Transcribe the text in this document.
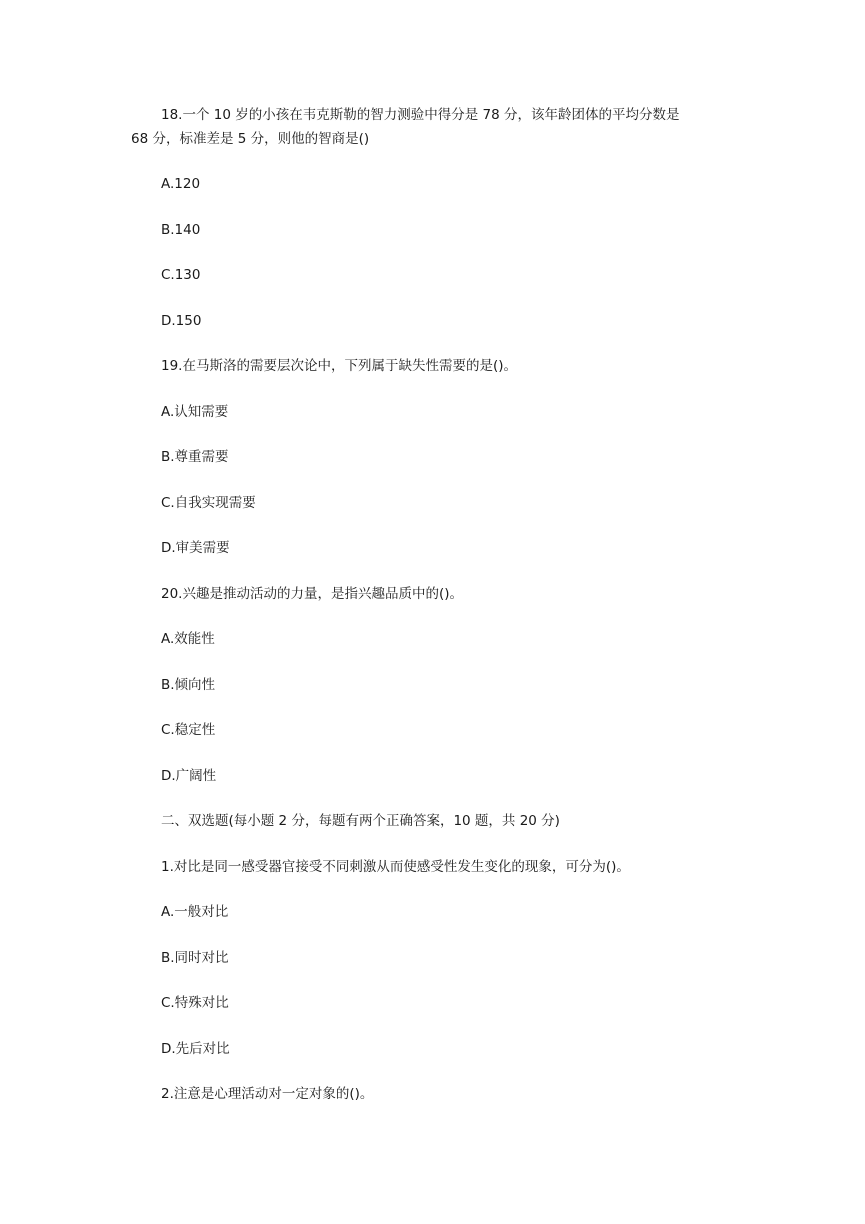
18.一个 10 岁的小孩在韦克斯勒的智力测验中得分是 78 分，该年龄团体的平均分数是
68 分，标准差是 5 分，则他的智商是()
A.120
B.140
C.130
D.150
19.在马斯洛的需要层次论中，下列属于缺失性需要的是()。
A.认知需要
B.尊重需要
C.自我实现需要
D.审美需要
20.兴趣是推动活动的力量，是指兴趣品质中的()。
A.效能性
B.倾向性
C.稳定性
D.广阔性
二、双选题(每小题 2 分，每题有两个正确答案，10 题，共 20 分)
1.对比是同一感受器官接受不同刺激从而使感受性发生变化的现象，可分为()。
A.一般对比
B.同时对比
C.特殊对比
D.先后对比
2.注意是心理活动对一定对象的()。
